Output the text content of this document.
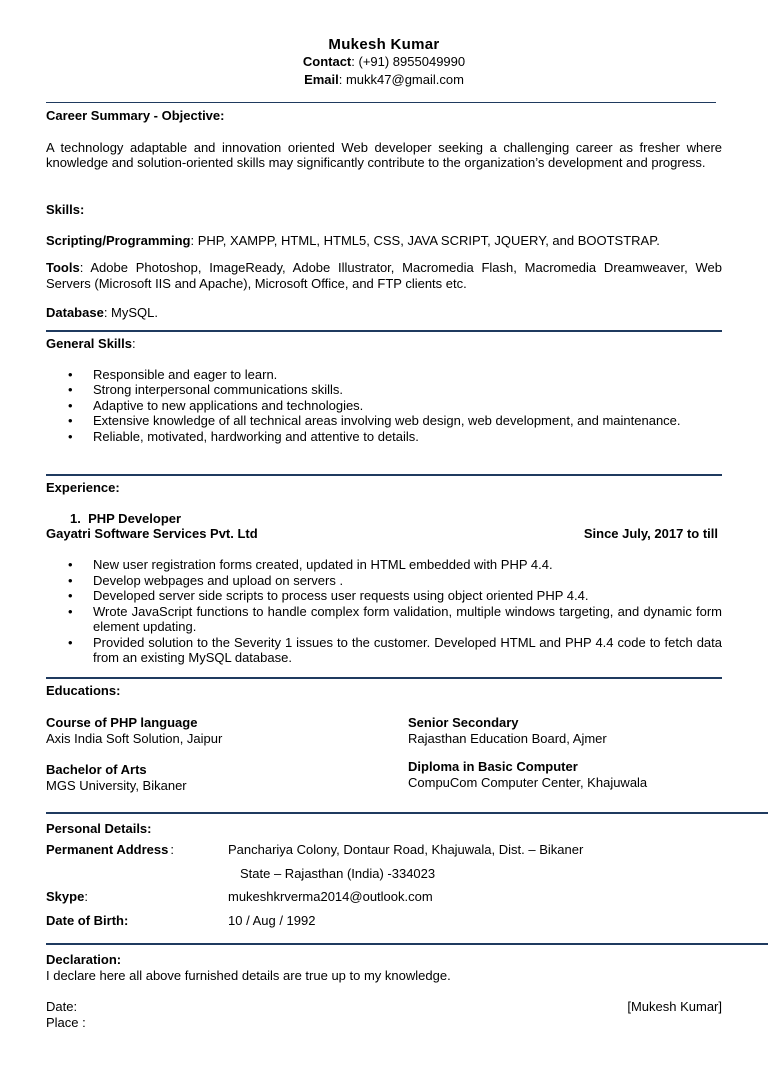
Mukesh Kumar
Contact: (+91) 8955049990
Email: mukk47@gmail.com
Career Summary - Objective:
A technology adaptable and innovation oriented Web developer seeking a challenging career as fresher where knowledge and solution-oriented skills may significantly contribute to the organization’s development and progress.
Skills:
Scripting/Programming: PHP, XAMPP, HTML, HTML5, CSS, JAVA SCRIPT, JQUERY, and BOOTSTRAP.
Tools: Adobe Photoshop, ImageReady, Adobe Illustrator, Macromedia Flash, Macromedia Dreamweaver, Web Servers (Microsoft IIS and Apache), Microsoft Office, and FTP clients etc.
Database: MySQL.
General Skills:
• Responsible and eager to learn.
• Strong interpersonal communications skills.
• Adaptive to new applications and technologies.
• Extensive knowledge of all technical areas involving web design, web development, and maintenance.
• Reliable, motivated, hardworking and attentive to details.
Experience:
1. PHP Developer
Gayatri Software Services Pvt. Ltd	Since July, 2017 to till
• New user registration forms created, updated in HTML embedded with PHP 4.4.
• Develop webpages and upload on servers .
• Developed server side scripts to process user requests using object oriented PHP 4.4.
• Wrote JavaScript functions to handle complex form validation, multiple windows targeting, and dynamic form element updating.
• Provided solution to the Severity 1 issues to the customer. Developed HTML and PHP 4.4 code to fetch data from an existing MySQL database.
Educations:
Course of PHP language
Axis India Soft Solution, Jaipur
Senior Secondary
Rajasthan Education Board, Ajmer
Bachelor of Arts
MGS University, Bikaner
Diploma in Basic Computer
CompuCom Computer Center, Khajuwala
Personal Details:
Permanent Address :	Panchariya Colony, Dontaur Road, Khajuwala, Dist. – Bikaner
State – Rajasthan (India) -334023
Skype:	mukeshkrverma2014@outlook.com
Date of Birth:	10 / Aug / 1992
Declaration:
I declare here all above furnished details are true up to my knowledge.
Date:
Place :
[Mukesh Kumar]
